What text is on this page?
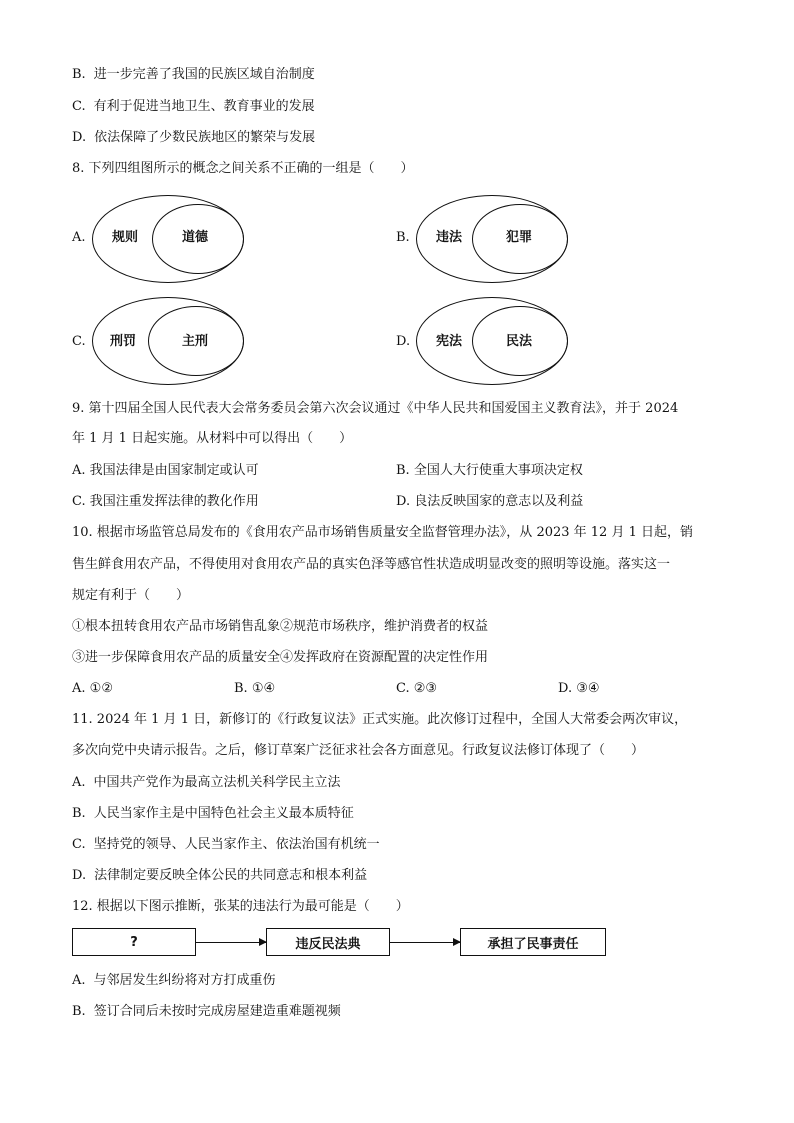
B. 进一步完善了我国的民族区域自治制度
C. 有利于促进当地卫生、教育事业的发展
D. 依法保障了少数民族地区的繁荣与发展
8. 下列四组图所示的概念之间关系不正确的一组是（　　）
A. 规则	道德	B. 违法	犯罪
C. 刑罚	主刑	D. 宪法	民法
9. 第十四届全国人民代表大会常务委员会第六次会议通过《中华人民共和国爱国主义教育法》，并于 2024
年 1 月 1 日起实施。从材料中可以得出（　　）
A. 我国法律是由国家制定或认可	B. 全国人大行使重大事项决定权
C. 我国注重发挥法律的教化作用	D. 良法反映国家的意志以及利益
10. 根据市场监管总局发布的《食用农产品市场销售质量安全监督管理办法》，从 2023 年 12 月 1 日起，销
售生鲜食用农产品，不得使用对食用农产品的真实色泽等感官性状造成明显改变的照明等设施。落实这一
规定有利于（　　）
①根本扭转食用农产品市场销售乱象②规范市场秩序，维护消费者的权益
③进一步保障食用农产品的质量安全④发挥政府在资源配置的决定性作用
A. ①②	B. ①④	C. ②③	D. ③④
11. 2024 年 1 月 1 日，新修订的《行政复议法》正式实施。此次修订过程中，全国人大常委会两次审议，
多次向党中央请示报告。之后，修订草案广泛征求社会各方面意见。行政复议法修订体现了（　　）
A. 中国共产党作为最高立法机关科学民主立法
B. 人民当家作主是中国特色社会主义最本质特征
C. 坚持党的领导、人民当家作主、依法治国有机统一
D. 法律制定要反映全体公民的共同意志和根本利益
12. 根据以下图示推断，张某的违法行为最可能是（　　）
?	违反民法典	承担了民事责任
A. 与邻居发生纠纷将对方打成重伤
B. 签订合同后未按时完成房屋建造重难题视频
